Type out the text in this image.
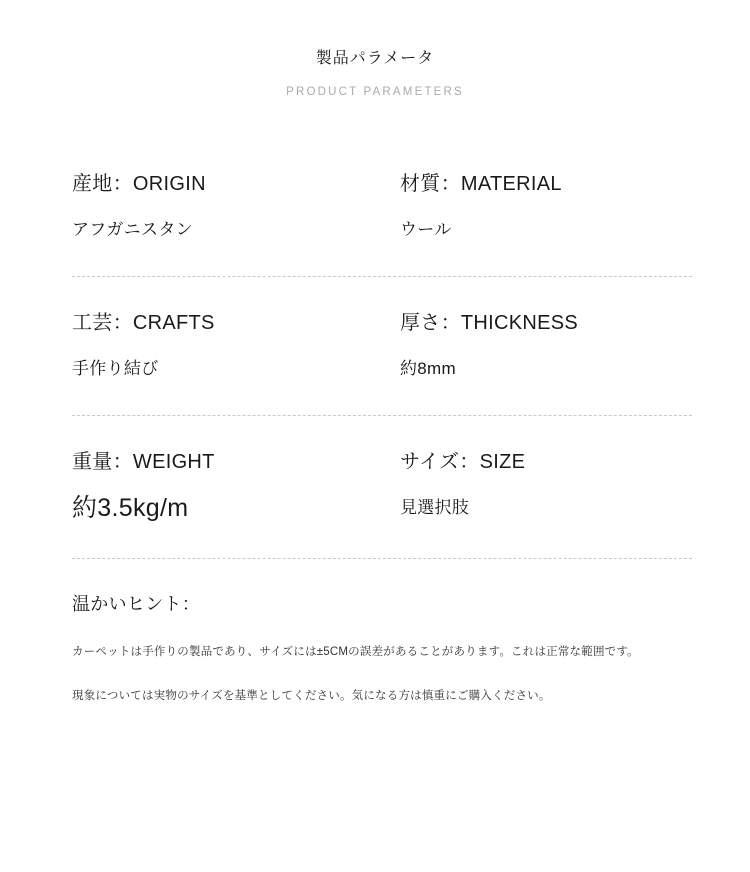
製品パラメータ
PRODUCT PARAMETERS
産地：ORIGIN
アフガニスタン
材質：MATERIAL
ウール
工芸：CRAFTS
手作り結び
厚さ：THICKNESS
約8mm
重量：WEIGHT
約3.5kg/m
サイズ：SIZE
見選択肢
温かいヒント：
カーペットは手作りの製品であり、サイズには±5CMの誤差があることがあります。これは正常な範囲です。
現象については実物のサイズを基準としてください。気になる方は慎重にご購入ください。
